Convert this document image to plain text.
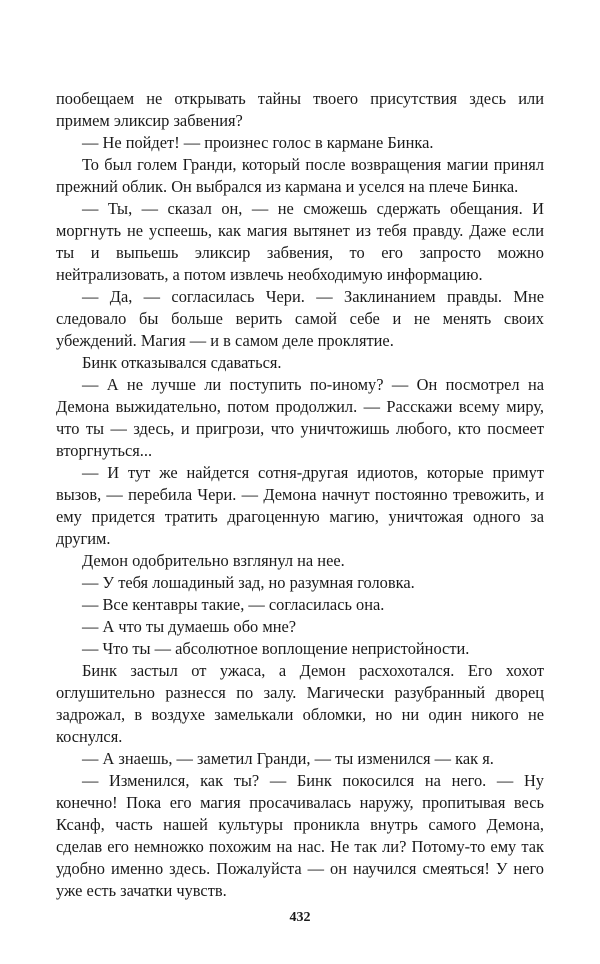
пообещаем не открывать тайны твоего присутствия здесь или примем эликсир забвения?

— Не пойдет! — произнес голос в кармане Бинка.

То был голем Гранди, который после возвращения магии принял прежний облик. Он выбрался из кармана и уселся на плече Бинка.

— Ты, — сказал он, — не сможешь сдержать обещания. И моргнуть не успеешь, как магия вытянет из тебя правду. Даже если ты и выпьешь эликсир забвения, то его запросто можно нейтрализовать, а потом извлечь необходимую информацию.

— Да, — согласилась Чери. — Заклинанием правды. Мне следовало бы больше верить самой себе и не менять своих убеждений. Магия — и в самом деле проклятие.

Бинк отказывался сдаваться.

— А не лучше ли поступить по-иному? — Он посмотрел на Демона выжидательно, потом продолжил. — Расскажи всему миру, что ты — здесь, и пригрози, что уничтожишь любого, кто посмеет вторгнуться...

— И тут же найдется сотня-другая идиотов, которые примут вызов, — перебила Чери. — Демона начнут постоянно тревожить, и ему придется тратить драгоценную магию, уничтожая одного за другим.

Демон одобрительно взглянул на нее.

— У тебя лошадиный зад, но разумная головка.

— Все кентавры такие, — согласилась она.

— А что ты думаешь обо мне?

— Что ты — абсолютное воплощение непристойности.

Бинк застыл от ужаса, а Демон расхохотался. Его хохот оглушительно разнесся по залу. Магически разубранный дворец задрожал, в воздухе замелькали обломки, но ни один никого не коснулся.

— А знаешь, — заметил Гранди, — ты изменился — как я.

— Изменился, как ты? — Бинк покосился на него. — Ну конечно! Пока его магия просачивалась наружу, пропитывая весь Ксанф, часть нашей культуры проникла внутрь самого Демона, сделав его немножко похожим на нас. Не так ли? Потому-то ему так удобно именно здесь. Пожалуйста — он научился смеяться! У него уже есть зачатки чувств.

432
